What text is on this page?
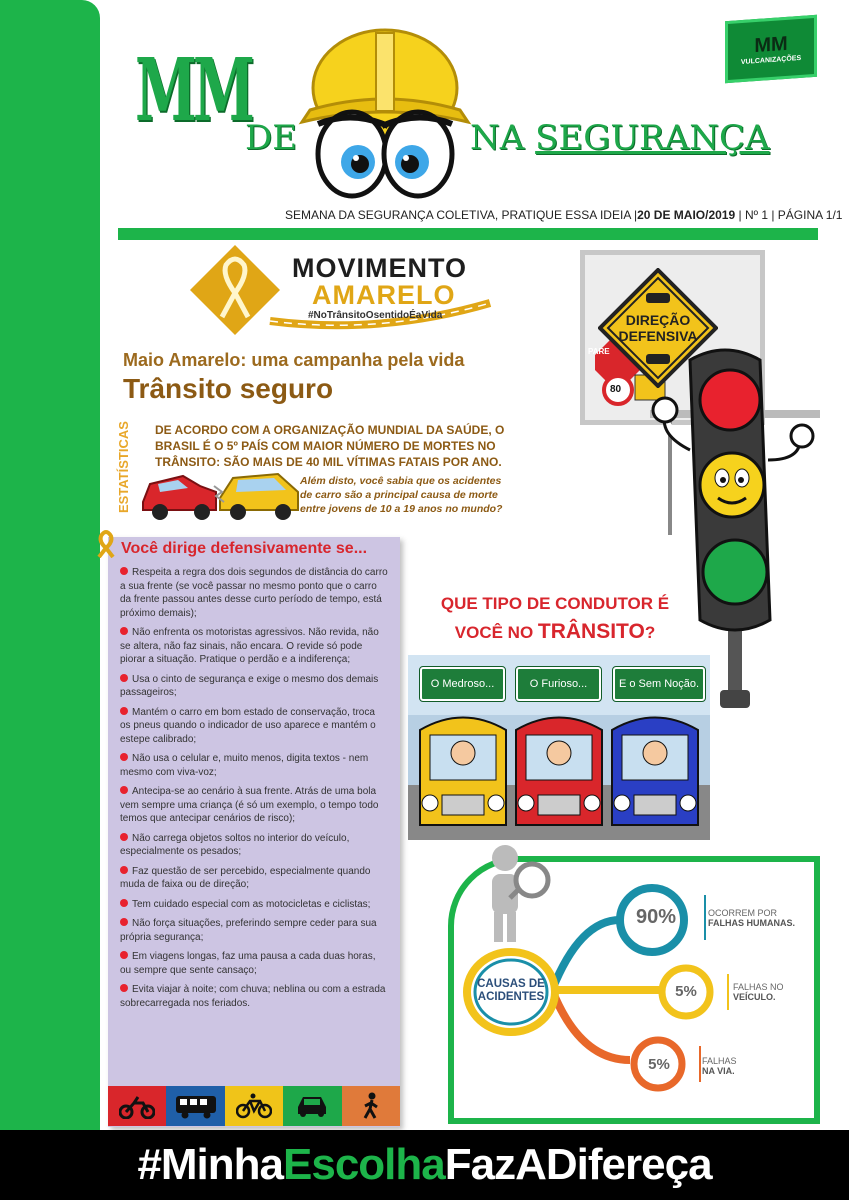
MM
DE	NA SEGURANÇA
MM
VULCANIZAÇÕES
SEMANA DA SEGURANÇA COLETIVA, PRATIQUE ESSA IDEIA |20 DE MAIO/2019 | Nº 1 | PÁGINA 1/1
MOVIMENTO
AMARELO
#NoTrânsitoOsentidoÉaVida
Maio Amarelo: uma campanha pela vida
Trânsito seguro
ESTATÍSTICAS	DE ACORDO COM A ORGANIZAÇÃO MUNDIAL DA SAÚDE, O BRASIL É O 5º PAÍS COM MAIOR NÚMERO DE MORTES NO TRÂNSITO: SÃO MAIS DE 40 MIL VÍTIMAS FATAIS POR ANO.
Além disto, você sabia que os acidentes de carro são a principal causa de morte entre jovens de 10 a 19 anos no mundo?
Você dirige defensivamente se...
Respeita a regra dos dois segundos de distância do carro a sua frente (se você passar no mesmo ponto que o carro da frente passou antes desse curto período de tempo, está próximo demais);
Não enfrenta os motoristas agressivos. Não revida, não se altera, não faz sinais, não encara. O revide só pode piorar a situação. Pratique o perdão e a indiferença;
Usa o cinto de segurança e exige o mesmo dos demais passageiros;
Mantém o carro em bom estado de conservação, troca os pneus quando o indicador de uso aparece e mantém o estepe calibrado;
Não usa o celular e, muito menos, digita textos - nem mesmo com viva-voz;
Antecipa-se ao cenário à sua frente. Atrás de uma bola vem sempre uma criança (é só um exemplo, o tempo todo temos que antecipar cenários de risco);
Não carrega objetos soltos no interior do veículo, especialmente os pesados;
Faz questão de ser percebido, especialmente quando muda de faixa ou de direção;
Tem cuidado especial com as motocicletas e ciclistas;
Não força situações, preferindo sempre ceder para sua própria segurança;
Em viagens longas, faz uma pausa a cada duas horas, ou sempre que sente cansaço;
Evita viajar à noite; com chuva; neblina ou com a estrada sobrecarregada nos feriados.
PARE
80
DIREÇÃO
DEFENSIVA
QUE TIPO DE CONDUTOR É
VOCÊ NO TRÂNSITO?
O Medroso...	O Furioso...	E o Sem Noção.
90%
5%
5%
CAUSAS DE ACIDENTES
OCORREM POR
FALHAS HUMANAS.
FALHAS NO
VEÍCULO.
FALHAS
NA VIA.
#MinhaEscolhaFazADifereça
